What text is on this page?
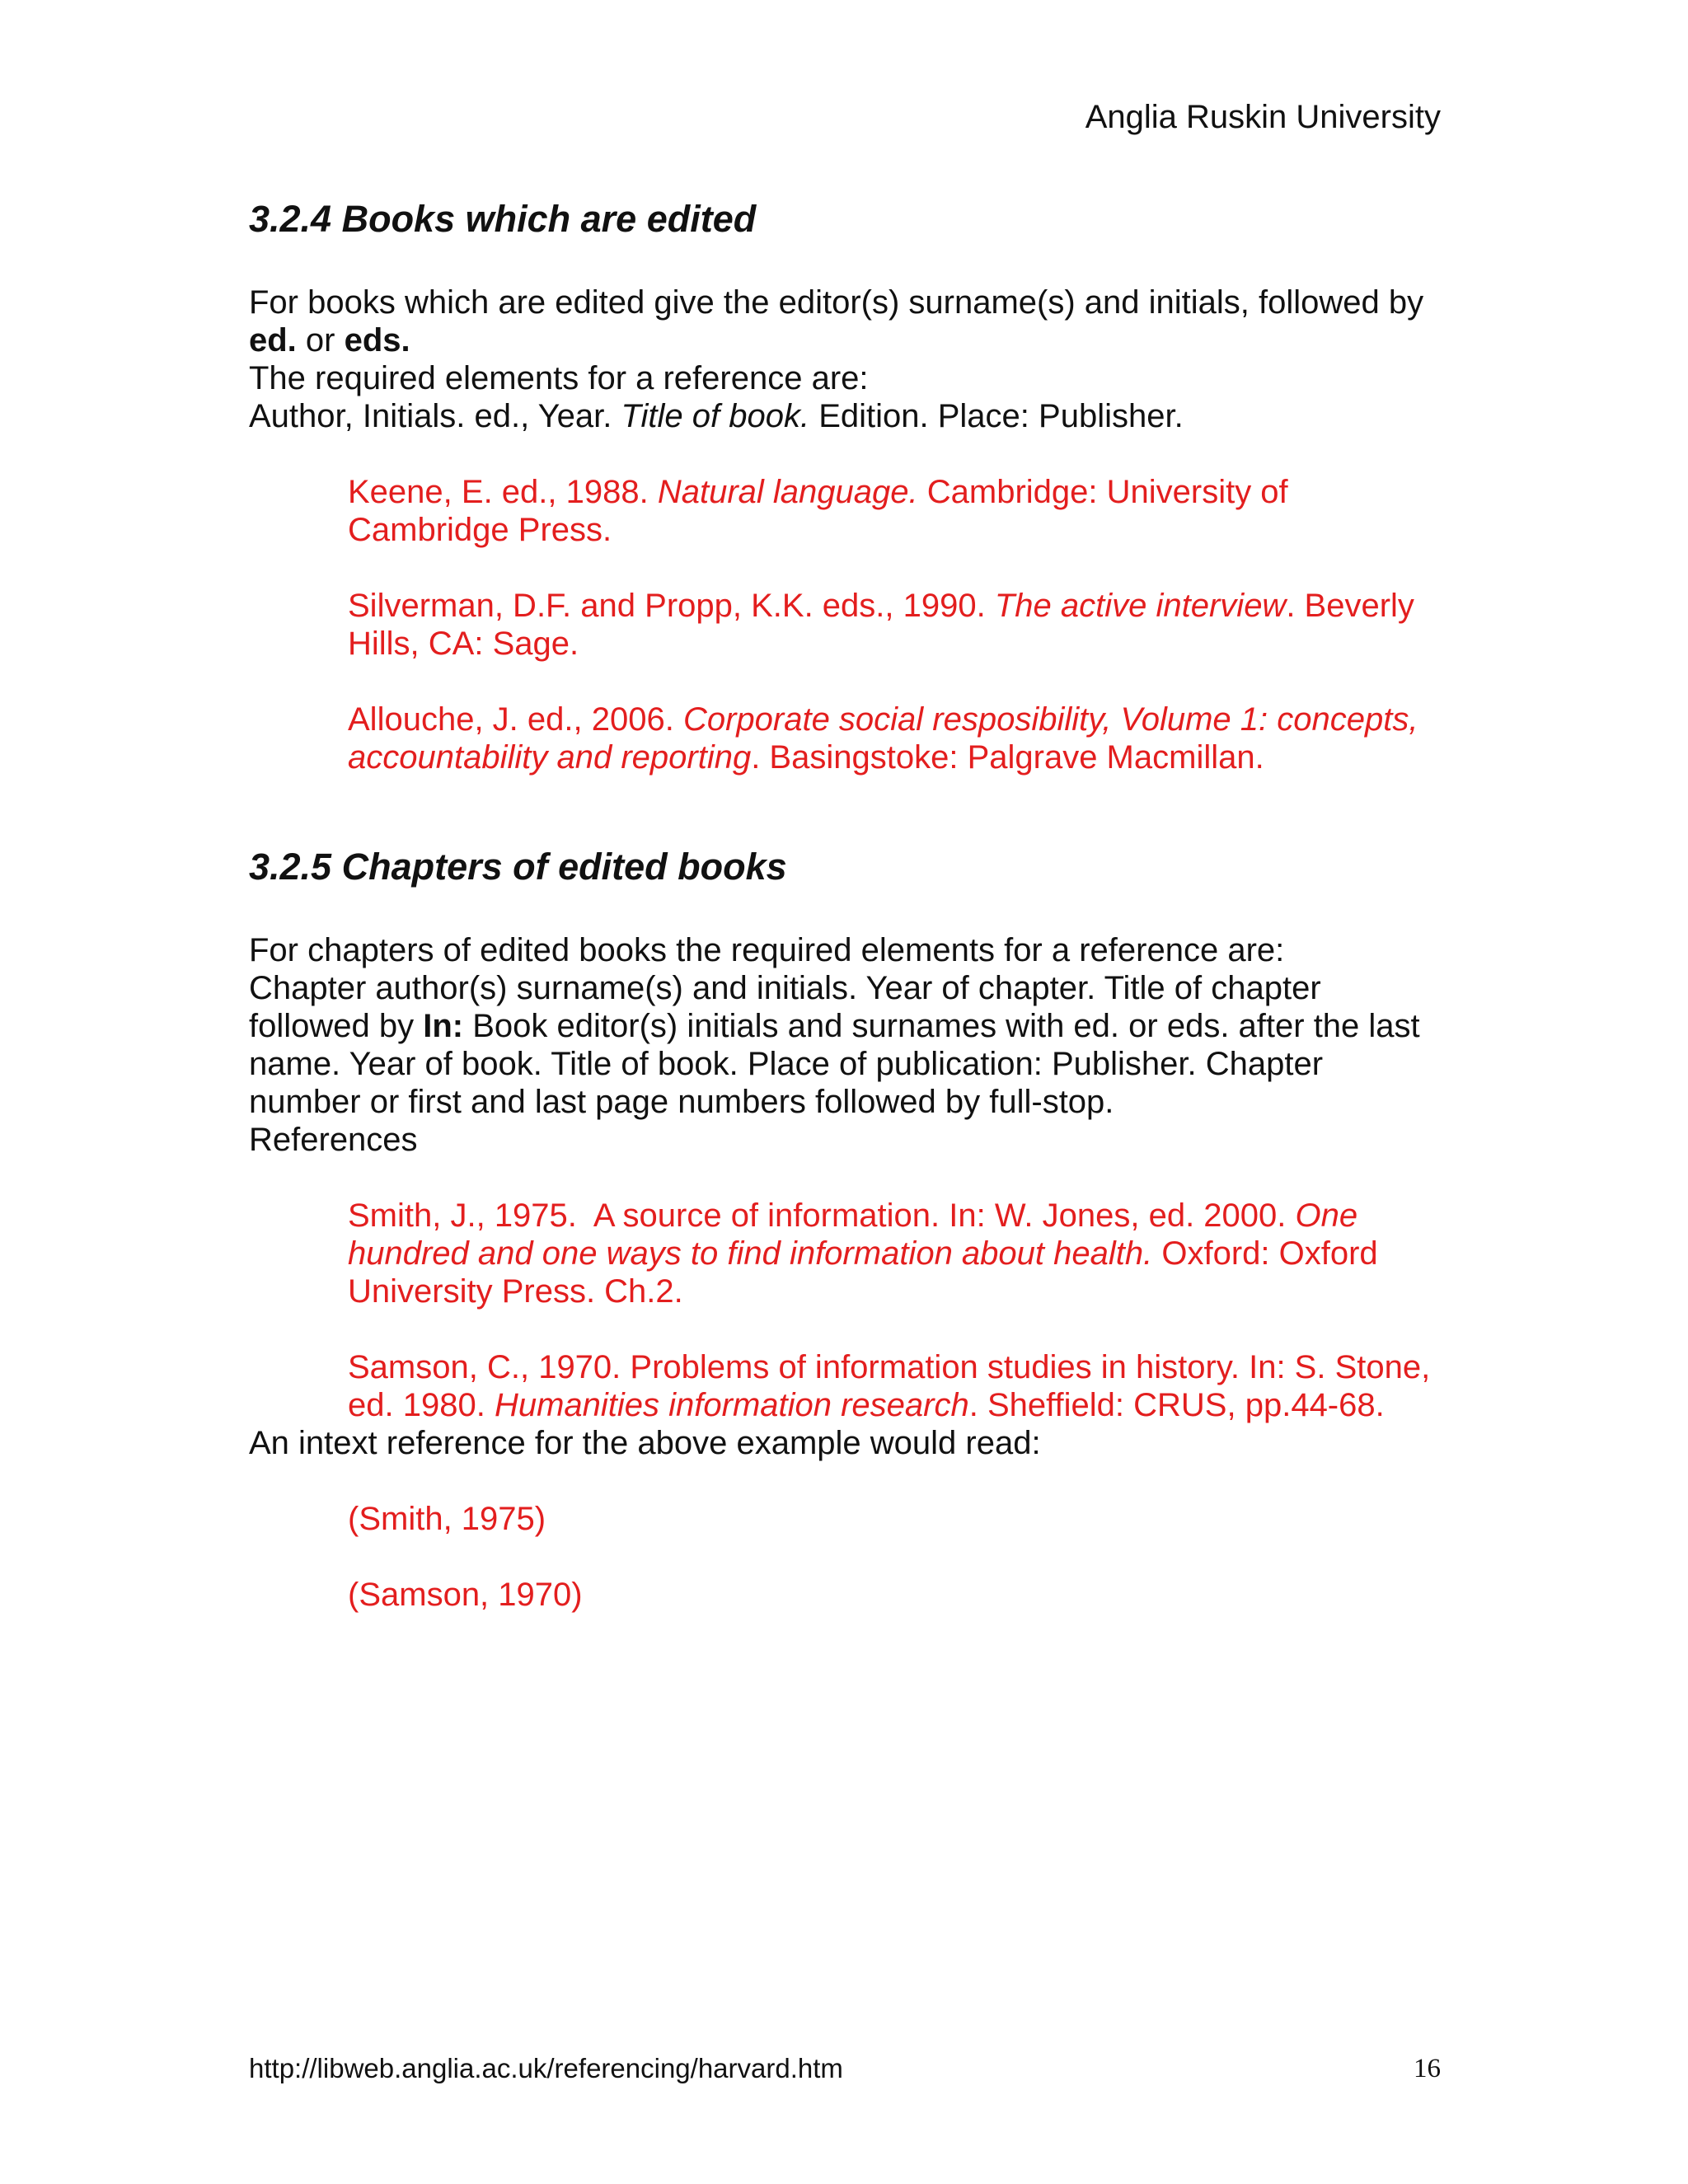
Anglia Ruskin University
3.2.4 Books which are edited

For books which are edited give the editor(s) surname(s) and initials, followed by
ed. or eds.

The required elements for a reference are:

Author, Initials. ed., Year. Title of book. Edition. Place: Publisher.

Keene, E. ed., 1988. Natural language. Cambridge: University of Cambridge Press.

Silverman, D.F. and Propp, K.K. eds., 1990. The active interview. Beverly Hills, CA: Sage.

Allouche, J. ed., 2006. Corporate social resposibility, Volume 1: concepts, accountability and reporting. Basingstoke: Palgrave Macmillan.

3.2.5 Chapters of edited books

For chapters of edited books the required elements for a reference are:

Chapter author(s) surname(s) and initials. Year of chapter. Title of chapter followed by In: Book editor(s) initials and surnames with ed. or eds. after the last name. Year of book. Title of book. Place of publication: Publisher. Chapter number or first and last page numbers followed by full-stop.

References

Smith, J., 1975.  A source of information. In: W. Jones, ed. 2000. One hundred and one ways to find information about health. Oxford: Oxford University Press. Ch.2.

Samson, C., 1970. Problems of information studies in history. In: S. Stone, ed. 1980. Humanities information research. Sheffield: CRUS, pp.44-68.

An intext reference for the above example would read:

(Smith, 1975)

(Samson, 1970)

http://libweb.anglia.ac.uk/referencing/harvard.htm	16
